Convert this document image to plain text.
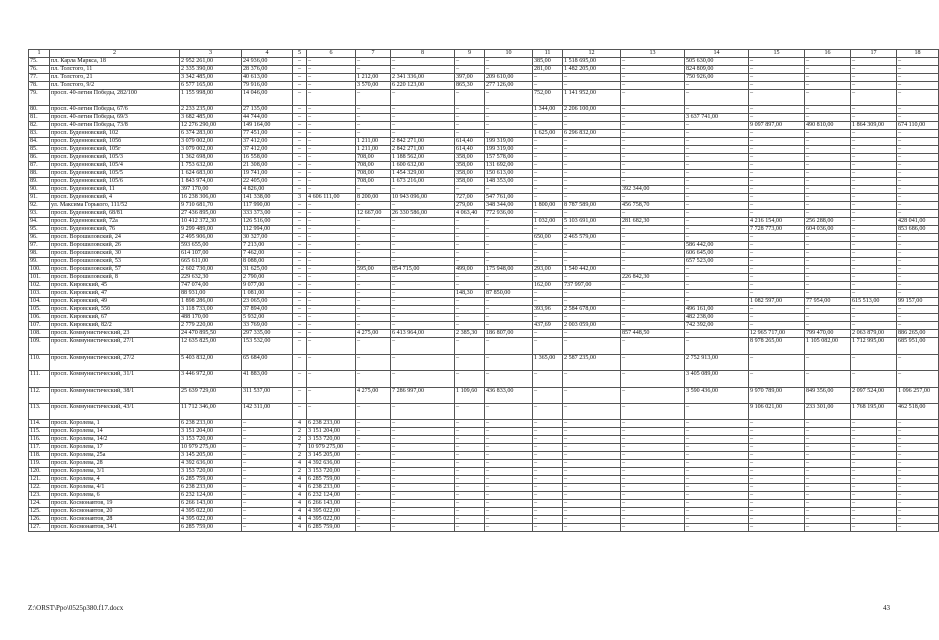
1	2	3	4	5	6	7	8	9	10	11	12	13	14	15	16	17	18
75.	пл. Карла Маркса, 18	2 952 261,00	24 936,00	–	–	–	–	–	–	385,00	1 518 695,00	–	505 630,00	–	–	–	–
76.	пл. Толстого, 11	2 335 390,00	28 376,00	–	–	–	–	–	–	281,00	1 482 205,00	–	824 809,00	–	–	–	–
77.	пл. Толстого, 21	3 342 485,00	40 613,00	–	–	1 212,00	2 341 336,00	397,00	209 610,00	–	–	–	750 926,00	–	–	–	–
78.	пл. Толстого, 9/2	6 577 165,00	79 916,00	–	–	3 570,00	6 220 123,00	865,30	277 126,00	–	–	–	–	–	–	–	–
79.	просп. 40-летия Победы, 282/100	1 155 998,00	14 046,00	–	–	–	–	–	–	752,00	1 141 952,00	–	–	–	–	–	–
80.	просп. 40-летия Победы, 67/6	2 233 235,00	27 135,00	–	–	–	–	–	–	1 344,00	2 206 100,00	–	–	–	–	–	–
81.	просп. 40-летия Победы, 69/3	3 682 485,00	44 744,00	–	–	–	–	–	–	–	–	–	3 637 741,00	–	–	–	–
82.	просп. 40-летия Победы, 73/8	12 276 290,00	149 164,00	–	–	–	–	–	–	–	–	–	–	9 097 897,00	490 810,00	1 864 309,00	674 110,00
83.	просп. Буденновский, 102	6 374 283,00	77 451,00	–	–	–	–	–	–	1 625,00	6 296 832,00	–	–	–	–	–	–
84.	просп. Буденновский, 105б	3 079 002,00	37 412,00	–	–	1 211,00	2 842 271,00	614,40	199 319,00	–	–	–	–	–	–	–	–
85.	просп. Буденновский, 105г	3 079 002,00	37 412,00	–	–	1 211,00	2 842 271,00	614,40	199 319,00	–	–	–	–	–	–	–	–
86.	просп. Буденновский, 105/3	1 362 698,00	16 558,00	–	–	708,00	1 188 562,00	358,00	157 578,00	–	–	–	–	–	–	–	–
87.	просп. Буденновский, 105/4	1 753 632,00	21 308,00	–	–	708,00	1 600 632,00	358,00	131 692,00	–	–	–	–	–	–	–	–
88.	просп. Буденновский, 105/5	1 624 683,00	19 741,00	–	–	708,00	1 454 329,00	358,00	150 613,00	–	–	–	–	–	–	–	–
89.	просп. Буденновский, 105/6	1 843 974,00	22 405,00	–	–	708,00	1 673 216,00	358,00	148 353,00	–	–	–	–	–	–	–	–
90.	просп. Буденновский, 11	397 170,00	4 826,00	–	–	–	–	–	–	–	–	392 344,00	–	–	–	–	–
91.	просп. Буденновский, 4	16 238 306,00	141 338,00	3	4 606 111,00	8 200,00	10 943 096,00	727,00	547 761,00	–	–	–	–	–	–	–	–
92.	ул. Максима Горького, 111/52	9 710 681,70	117 990,00	–	–	–	–	279,00	348 344,00	1 800,00	8 787 589,00	456 758,70	–	–	–	–	–
93.	просп. Буденновский, 68/81	27 436 895,00	333 373,00	–	–	12 667,00	26 330 586,00	4 063,40	772 936,00	–	–	–	–	–	–	–	–
94.	просп. Буденновский, 72a	10 412 372,30	126 516,00	–	–	–	–	–	–	1 032,00	5 103 691,00	281 682,30	–	4 216 154,00	256 288,00	–	428 041,00
95.	просп. Буденновский, 76	9 299 489,00	112 994,00	–	–	–	–	–	–	–	–	–	–	7 728 773,00	604 036,00	–	853 686,00
96.	просп. Ворошиловский, 24	2 495 906,00	30 327,00	–	–	–	–	–	–	650,00	2 465 579,00	–	–	–	–	–	–
97.	просп. Ворошиловский, 26	593 655,00	7 213,00	–	–	–	–	–	–	–	–	–	586 442,00	–	–	–	–
98.	просп. Ворошиловский, 30	614 107,00	7 462,00	–	–	–	–	–	–	–	–	–	606 645,00	–	–	–	–
99.	просп. Ворошиловский, 53	665 611,00	8 088,00	–	–	–	–	–	–	–	–	–	657 523,00	–	–	–	–
100.	просп. Ворошиловский, 57	2 602 730,00	31 625,00	–	–	595,00	854 715,00	499,00	175 948,00	293,00	1 540 442,00	–	–	–	–	–	–
101.	просп. Ворошиловский, 8	229 632,30	2 790,00	–	–	–	–	–	–	–	–	226 842,30	–	–	–	–	–
102.	просп. Кировский, 45	747 074,00	9 077,00	–	–	–	–	–	–	162,00	737 997,00	–	–	–	–	–	–
103.	просп. Кировский, 47	88 931,00	1 081,00	–	–	–	–	148,30	87 850,00	–	–	–	–	–	–	–	–
104.	просп. Кировский, 49	1 898 286,00	23 065,00	–	–	–	–	–	–	–	–	–	–	1 082 597,00	77 954,00	615 513,00	99 157,00
105.	просп. Кировский, 55б	3 118 733,00	37 894,00	–	–	–	–	–	–	393,96	2 584 678,00	–	496 161,00	–	–	–	–
106.	просп. Кировский, 67	488 170,00	5 932,00	–	–	–	–	–	–	–	–	–	482 238,00	–	–	–	–
107.	просп. Кировский, 82/2	2 779 220,00	33 769,00	–	–	–	–	–	–	437,69	2 003 059,00	–	742 392,00	–	–	–	–
108.	просп. Коммунистический, 23	24 470 895,50	297 335,00	–	–	4 275,00	6 413 964,00	2 385,30	186 807,00	–	–	857 448,50	–	12 965 717,00	799 470,00	2 063 879,00	886 265,00
109.	просп. Коммунистический, 27/1	12 635 825,00	153 532,00	–	–	–	–	–	–	–	–	–	–	8 978 265,00	1 105 082,00	1 712 995,00	685 951,00
110.	просп. Коммунистический, 27/2	5 403 832,00	65 684,00	–	–	–	–	–	–	1 365,00	2 587 235,00	–	2 752 913,00	–	–	–	–
111.	просп. Коммунистический, 31/1	3 446 972,00	41 883,00	–	–	–	–	–	–	–	–	–	3 405 089,00	–	–	–	–
112.	просп. Коммунистический, 38/1	25 639 729,00	311 537,00	–	–	4 275,00	7 286 997,00	1 109,60	436 833,00	–	–	–	3 590 436,00	9 970 789,00	849 356,00	2 097 524,00	1 096 257,00
113.	просп. Коммунистический, 43/1	11 712 346,00	142 311,00	–	–	–	–	–	–	–	–	–	–	9 106 021,00	233 301,00	1 768 195,00	462 518,00
114.	просп. Королева, 1	6 238 233,00	–	4	6 238 233,00	–	–	–	–	–	–	–	–	–	–	–	–
115.	просп. Королева, 14	3 151 204,00	–	2	3 151 204,00	–	–	–	–	–	–	–	–	–	–	–	–
116.	просп. Королева, 14/2	3 153 720,00	–	2	3 153 720,00	–	–	–	–	–	–	–	–	–	–	–	–
117.	просп. Королева, 17	10 979 275,00	–	7	10 979 275,00	–	–	–	–	–	–	–	–	–	–	–	–
118.	просп. Королева, 25a	3 145 205,00	–	2	3 145 205,00	–	–	–	–	–	–	–	–	–	–	–	–
119.	просп. Королева, 28	4 392 636,00	–	4	4 392 636,00	–	–	–	–	–	–	–	–	–	–	–	–
120.	просп. Королева, 3/1	3 153 720,00	–	2	3 153 720,00	–	–	–	–	–	–	–	–	–	–	–	–
121.	просп. Королева, 4	6 285 759,00	–	4	6 285 759,00	–	–	–	–	–	–	–	–	–	–	–	–
122.	просп. Королева, 4/1	6 238 233,00	–	4	6 238 233,00	–	–	–	–	–	–	–	–	–	–	–	–
123.	просп. Королева, 6	6 232 124,00	–	4	6 232 124,00	–	–	–	–	–	–	–	–	–	–	–	–
124.	просп. Космонавтов, 19	6 266 143,00	–	4	6 266 143,00	–	–	–	–	–	–	–	–	–	–	–	–
125.	просп. Космонавтов, 20	4 395 022,00	–	4	4 395 022,00	–	–	–	–	–	–	–	–	–	–	–	–
126.	просп. Космонавтов, 28	4 395 022,00	–	4	4 395 022,00	–	–	–	–	–	–	–	–	–	–	–	–
127.	просп. Космонавтов, 34/1	6 285 759,00	–	4	6 285 759,00	–	–	–	–	–	–	–	–	–	–	–	–
Z:\ORST\Ppo\0525p380.f17.docx	43
